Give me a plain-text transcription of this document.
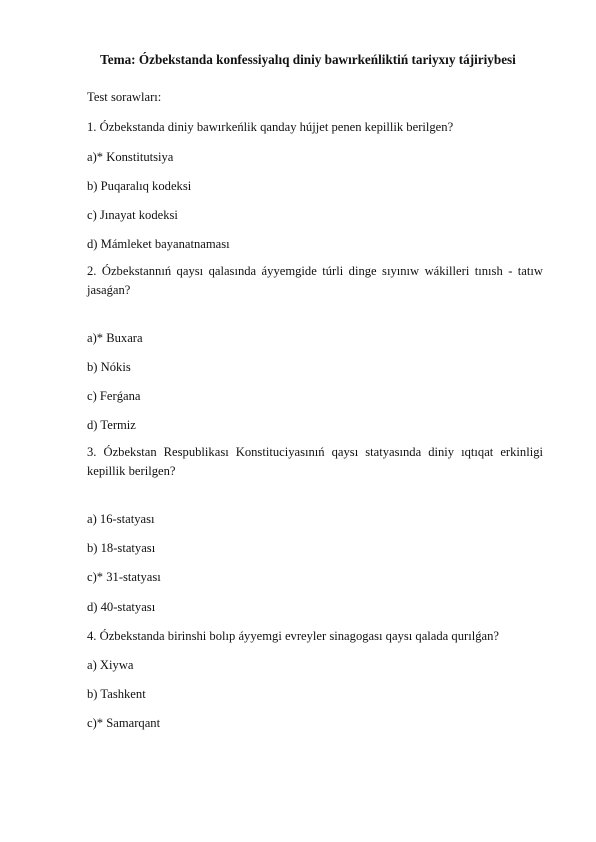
Tema: Ózbekstanda konfessiyalıq diniy bawırkeńliktiń tariyxıy tájiriybesi
Test sorawları:
1. Ózbekstanda diniy bawırkeńlik qanday hújjet penen kepillik berilgen?
a)* Konstitutsiya
b) Puqaralıq kodeksi
c) Jınayat kodeksi
d) Mámleket bayanatnaması
2. Ózbekstannıń qaysı qalasında áyyemgide túrli dinge sıyınıw wákilleri tınısh - tatıw jasaǵan?
a)* Buxara
b) Nókis
c) Ferǵana
d) Termiz
3. Ózbekstan Respublikası Konstituciyasınıń qaysı statyasında diniy ıqtıqat erkinligi kepillik berilgen?
a) 16-statyası
b) 18-statyası
c)* 31-statyası
d) 40-statyası
4. Ózbekstanda birinshi bolıp áyyemgi evreyler sinagogası qaysı qalada qurılǵan?
a) Xiywa
b) Tashkent
c)* Samarqant
